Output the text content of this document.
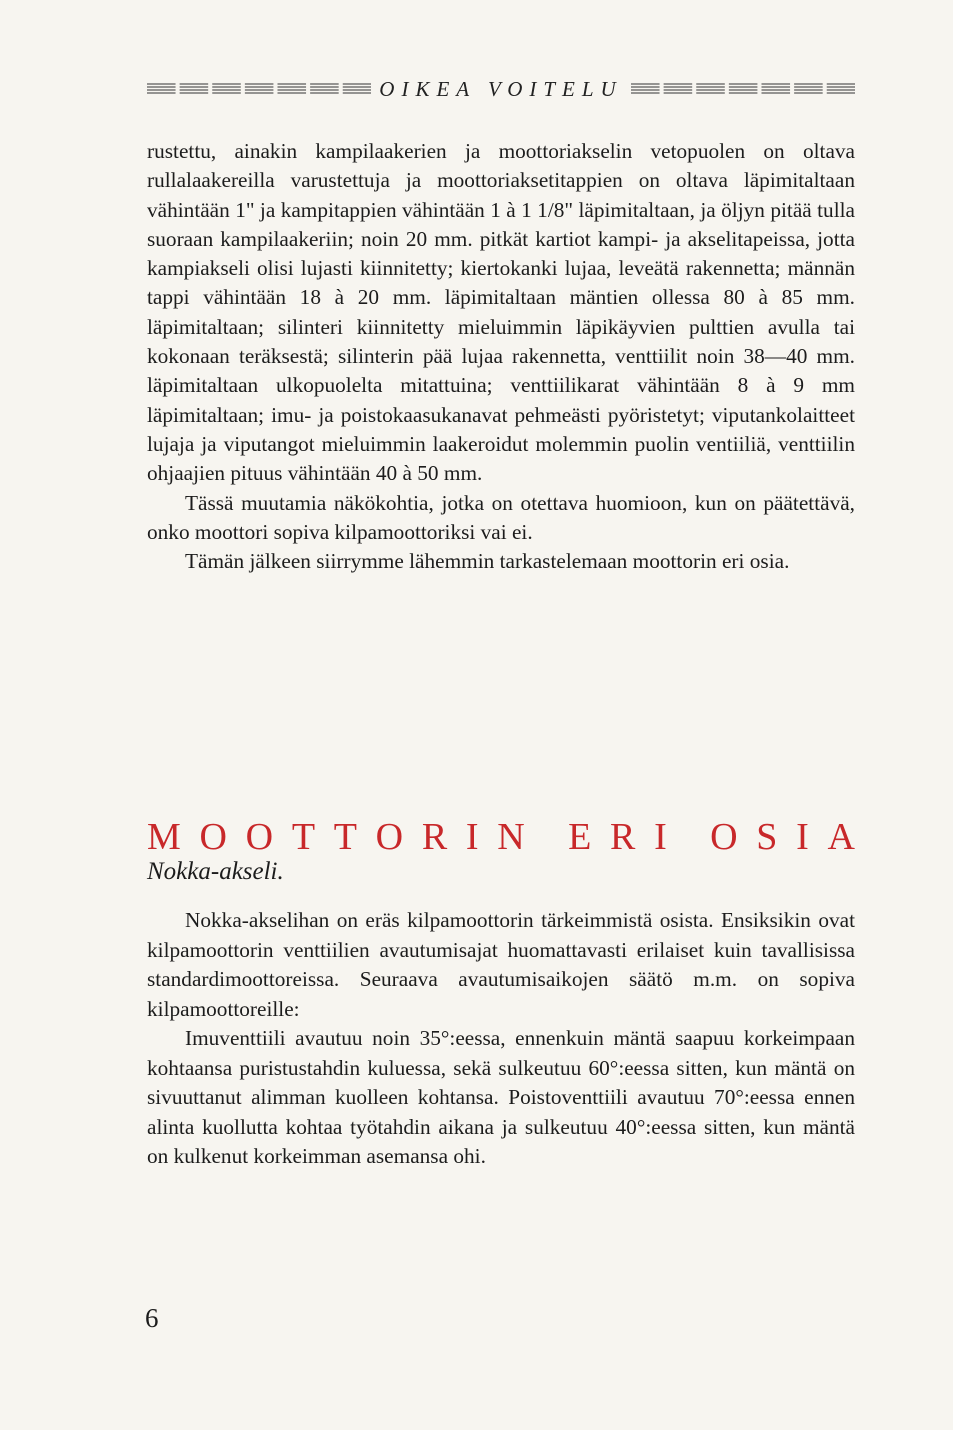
OIKEA VOITELU

rustettu, ainakin kampilaakerien ja moottoriakselin vetopuolen on oltava rullalaakereilla varustettuja ja moottoriaksetitappien on oltava läpimitaltaan vähintään 1" ja kampitappien vähintään 1 à 1 1/8" läpimitaltaan, ja öljyn pitää tulla suoraan kampilaakeriin; noin 20 mm. pitkät kartiot kampi- ja akselitapeissa, jotta kampiakseli olisi lujasti kiinnitetty; kiertokanki lujaa, leveätä rakennetta; männän tappi vähintään 18 à 20 mm. läpimitaltaan mäntien ollessa 80 à 85 mm. läpimitaltaan; silinteri kiinnitetty mieluimmin läpikäyvien pulttien avulla tai kokonaan teräksestä; silinterin pää lujaa rakennetta, venttiilit noin 38—40 mm. läpimitaltaan ulkopuolelta mitattuina; venttiilikarat vähintään 8 à 9 mm läpimitaltaan; imu- ja poistokaasukanavat pehmeästi pyöristetyt; viputankolaitteet lujaja ja viputangot mieluimmin laakeroidut molemmin puolin ventiiliä, venttiilin ohjaajien pituus vähintään 40 à 50 mm.

Tässä muutamia näkökohtia, jotka on otettava huomioon, kun on päätettävä, onko moottori sopiva kilpamoottoriksi vai ei.

Tämän jälkeen siirrymme lähemmin tarkastelemaan moottorin eri osia.

M O O T T O R I N E R I O S I A
Nokka-akseli.

Nokka-akselihan on eräs kilpamoottorin tärkeimmistä osista. Ensiksikin ovat kilpamoottorin venttiilien avautumisajat huomattavasti erilaiset kuin tavallisissa standardimoottoreissa. Seuraava avautumisaikojen säätö m.m. on sopiva kilpamoottoreille:

Imuventtiili avautuu noin 35°:eessa, ennenkuin mäntä saapuu korkeimpaan kohtaansa puristustahdin kuluessa, sekä sulkeutuu 60°:eessa sitten, kun mäntä on sivuuttanut alimman kuolleen kohtansa. Poistoventtiili avautuu 70°:eessa ennen alinta kuollutta kohtaa työtahdin aikana ja sulkeutuu 40°:eessa sitten, kun mäntä on kulkenut korkeimman asemansa ohi.

6
